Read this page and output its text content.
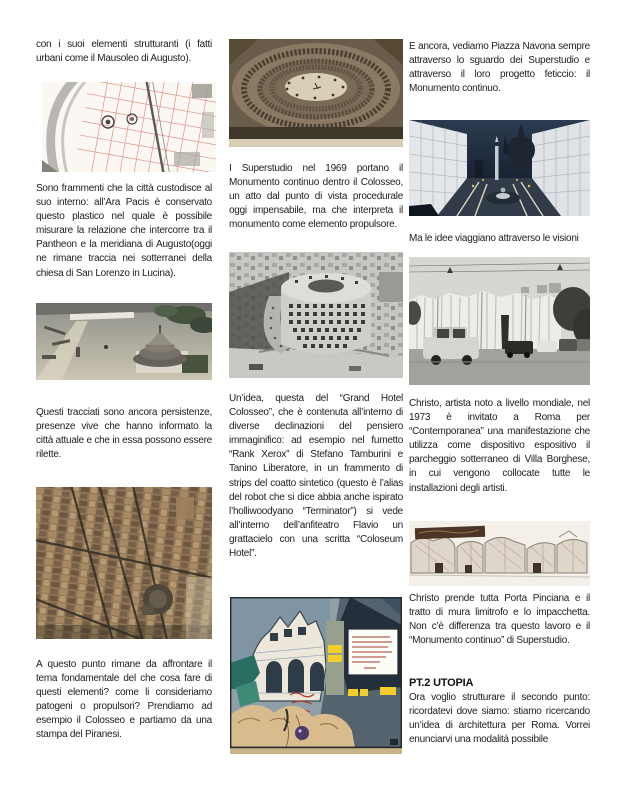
con i suoi elementi strutturanti (i fatti urbani come il Mausoleo di Augusto).

Sono frammenti che la città custodisce al suo interno: all’Ara Pacis è conservato questo plastico nel quale è possibile misurare la relazione che intercorre tra il Pantheon e la meridiana di Augusto(oggi ne rimane traccia nei sotterranei della chiesa di San Lorenzo in Lucina).

Questi tracciati sono ancora persistenze, presenze vive che hanno informato la città attuale e che in essa possono essere rilette.

A questo punto rimane da affrontare il tema fondamentale del che cosa fare di questi elementi? come li consideriamo patogeni o propulsori? Prendiamo ad esempio il Colosseo e partiamo da una stampa del Piranesi.

I Superstudio nel 1969 portano il Monumento continuo dentro il Colosseo, un atto dal punto di vista procedurale oggi impensabile, ma che interpreta il monumento come elemento propulsore.

Un’idea, questa del “Grand Hotel Colosseo”, che è contenuta all’interno di diverse declinazioni del pensiero immaginifico: ad esempio nel fumetto “Rank Xerox” di Stefano Tamburini e Tanino Liberatore, in un frammento di strips del coatto sintetico (questo è l’alias del robot che si dice abbia anche ispirato l’holliwoodyano “Terminator”) si vede all’interno dell’anfiteatro Flavio un grattacielo con una scritta “Coloseum Hotel”.

E ancora, vediamo Piazza Navona sempre attraverso lo sguardo dei Superstudio e attraverso il loro progetto feticcio: il Monumento continuo.

Ma le idee viaggiano attraverso le visioni

Christo, artista noto a livello mondiale, nel 1973 è invitato a Roma per “Contemporanea” una manifestazione che utilizza come dispositivo espositivo il parcheggio sotterraneo di Villa Borghese, in cui vengono collocate tutte le installazioni degli artisti.

Christo prende tutta Porta Pinciana e il tratto di mura limitrofo e lo impacchetta. Non c’è differenza tra questo lavoro e il “Monumento continuo” di Superstudio.

PT.2 UTOPIA

Ora voglio strutturare il secondo punto: ricordatevi dove siamo: stiamo ricercando un’idea di architettura per Roma. Vorrei enunciarvi una modalità possibile
